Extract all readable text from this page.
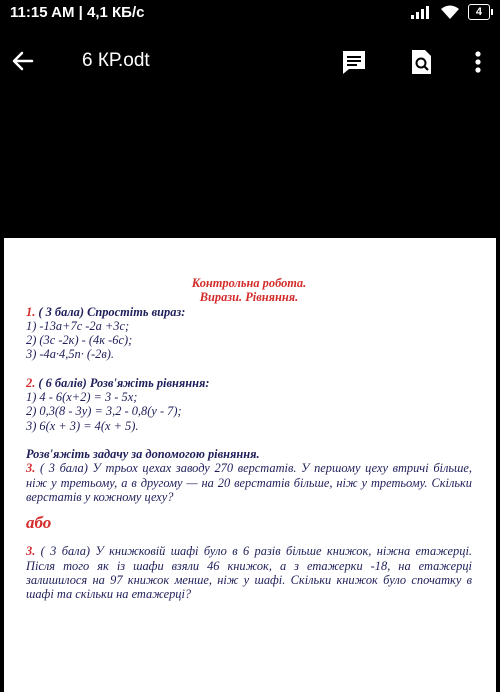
11:15 AM | 4,1 КБ/с	4
6 КР.odt
Контрольна робота.
Вирази. Рівняння.
1. ( 3 бала) Спростіть вираз:
1) -13а+7с -2а +3с;
2) (3с -2к) - (4к -6с);
3) -4а·4,5n· (-2в).
2. ( 6 балів) Розв'яжіть рівняння:
1) 4 - 6(х+2) = 3 - 5х;
2) 0,3(8 - 3у) = 3,2 - 0,8(у - 7);
3) 6(х + 3) = 4(х + 5).
Розв'яжіть задачу за допомогою рівняння.
3. ( 3 бала) У трьох цехах заводу 270 верстатів. У першому цеху втричі більше, ніж у третьому, а в другому — на 20 верстатів більше, ніж у третьому. Скільки верстатів у кожному цеху?
або
3. ( 3 бала) У книжковій шафі було в 6 разів більше книжок, ніжна етажерці. Після того як із шафи взяли 46 книжок, а з етажерки -18, на етажерці залишилося на 97 книжок менше, ніж у шафі. Скільки книжок було спочатку в шафі та скільки на етажерці?
